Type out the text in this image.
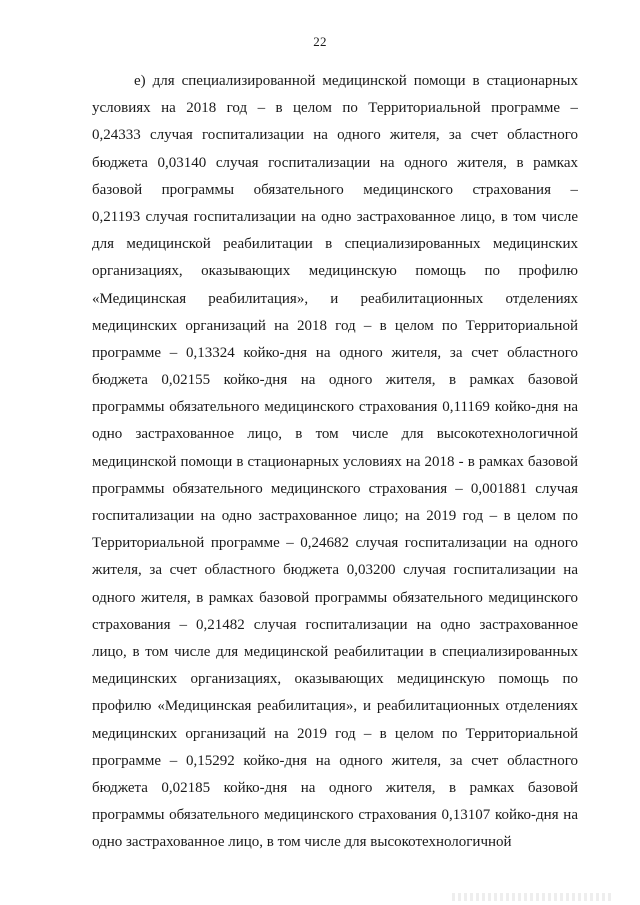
22
е) для специализированной медицинской помощи в стационарных
условиях на 2018 год – в целом по Территориальной программе –
0,24333 случая госпитализации на одного жителя, за счет областного
бюджета 0,03140 случая госпитализации на одного жителя, в рамках
базовой программы обязательного медицинского страхования –
0,21193 случая госпитализации на одно застрахованное лицо, в том числе
для медицинской реабилитации в специализированных медицинских
организациях, оказывающих медицинскую помощь по профилю
«Медицинская реабилитация», и реабилитационных отделениях
медицинских организаций на 2018 год – в целом по Территориальной
программе – 0,13324 койко-дня на одного жителя, за счет областного
бюджета 0,02155 койко-дня на одного жителя, в рамках базовой
программы обязательного медицинского страхования 0,11169 койко-дня на
одно застрахованное лицо, в том числе для высокотехнологичной
медицинской помощи в стационарных условиях на 2018 - в рамках базовой
программы обязательного медицинского страхования – 0,001881 случая
госпитализации на одно застрахованное лицо; на 2019 год – в целом по
Территориальной программе – 0,24682 случая госпитализации на одного
жителя, за счет областного бюджета 0,03200 случая госпитализации на
одного жителя, в рамках базовой программы обязательного медицинского
страхования – 0,21482 случая госпитализации на одно застрахованное
лицо, в том числе для медицинской реабилитации в специализированных
медицинских организациях, оказывающих медицинскую помощь по
профилю «Медицинская реабилитация», и реабилитационных отделениях
медицинских организаций на 2019 год – в целом по Территориальной
программе – 0,15292 койко-дня на одного жителя, за счет областного
бюджета 0,02185 койко-дня на одного жителя, в рамках базовой
программы обязательного медицинского страхования 0,13107 койко-дня на
одно застрахованное лицо, в том числе для высокотехнологичной
